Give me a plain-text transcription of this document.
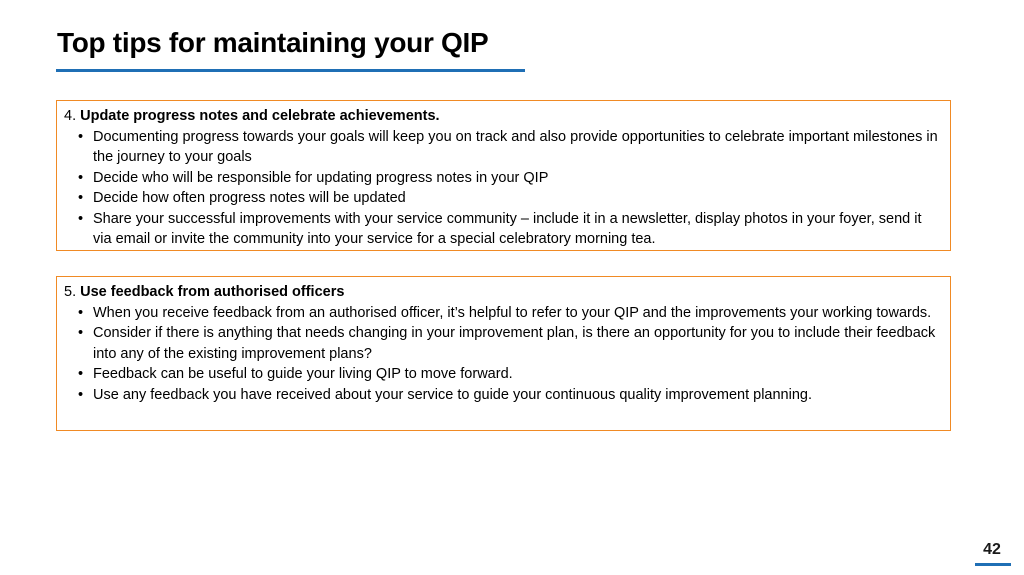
Top tips for maintaining your QIP
4. Update progress notes and celebrate achievements.
• Documenting progress towards your goals will keep you on track and also provide opportunities to celebrate important milestones in the journey to your goals
• Decide who will be responsible for updating progress notes in your QIP
• Decide how often progress notes will be updated
• Share your successful improvements with your service community – include it in a newsletter, display photos in your foyer, send it via email or invite the community into your service for a special celebratory morning tea.
5. Use feedback from authorised officers
• When you receive feedback from an authorised officer, it’s helpful to refer to your QIP and the improvements your working towards.
• Consider if there is anything that needs changing in your improvement plan, is there an opportunity for you to include their feedback into any of the existing improvement plans?
• Feedback can be useful to guide your living QIP to move forward.
• Use any feedback you have received about your service to guide your continuous quality improvement planning.
42
